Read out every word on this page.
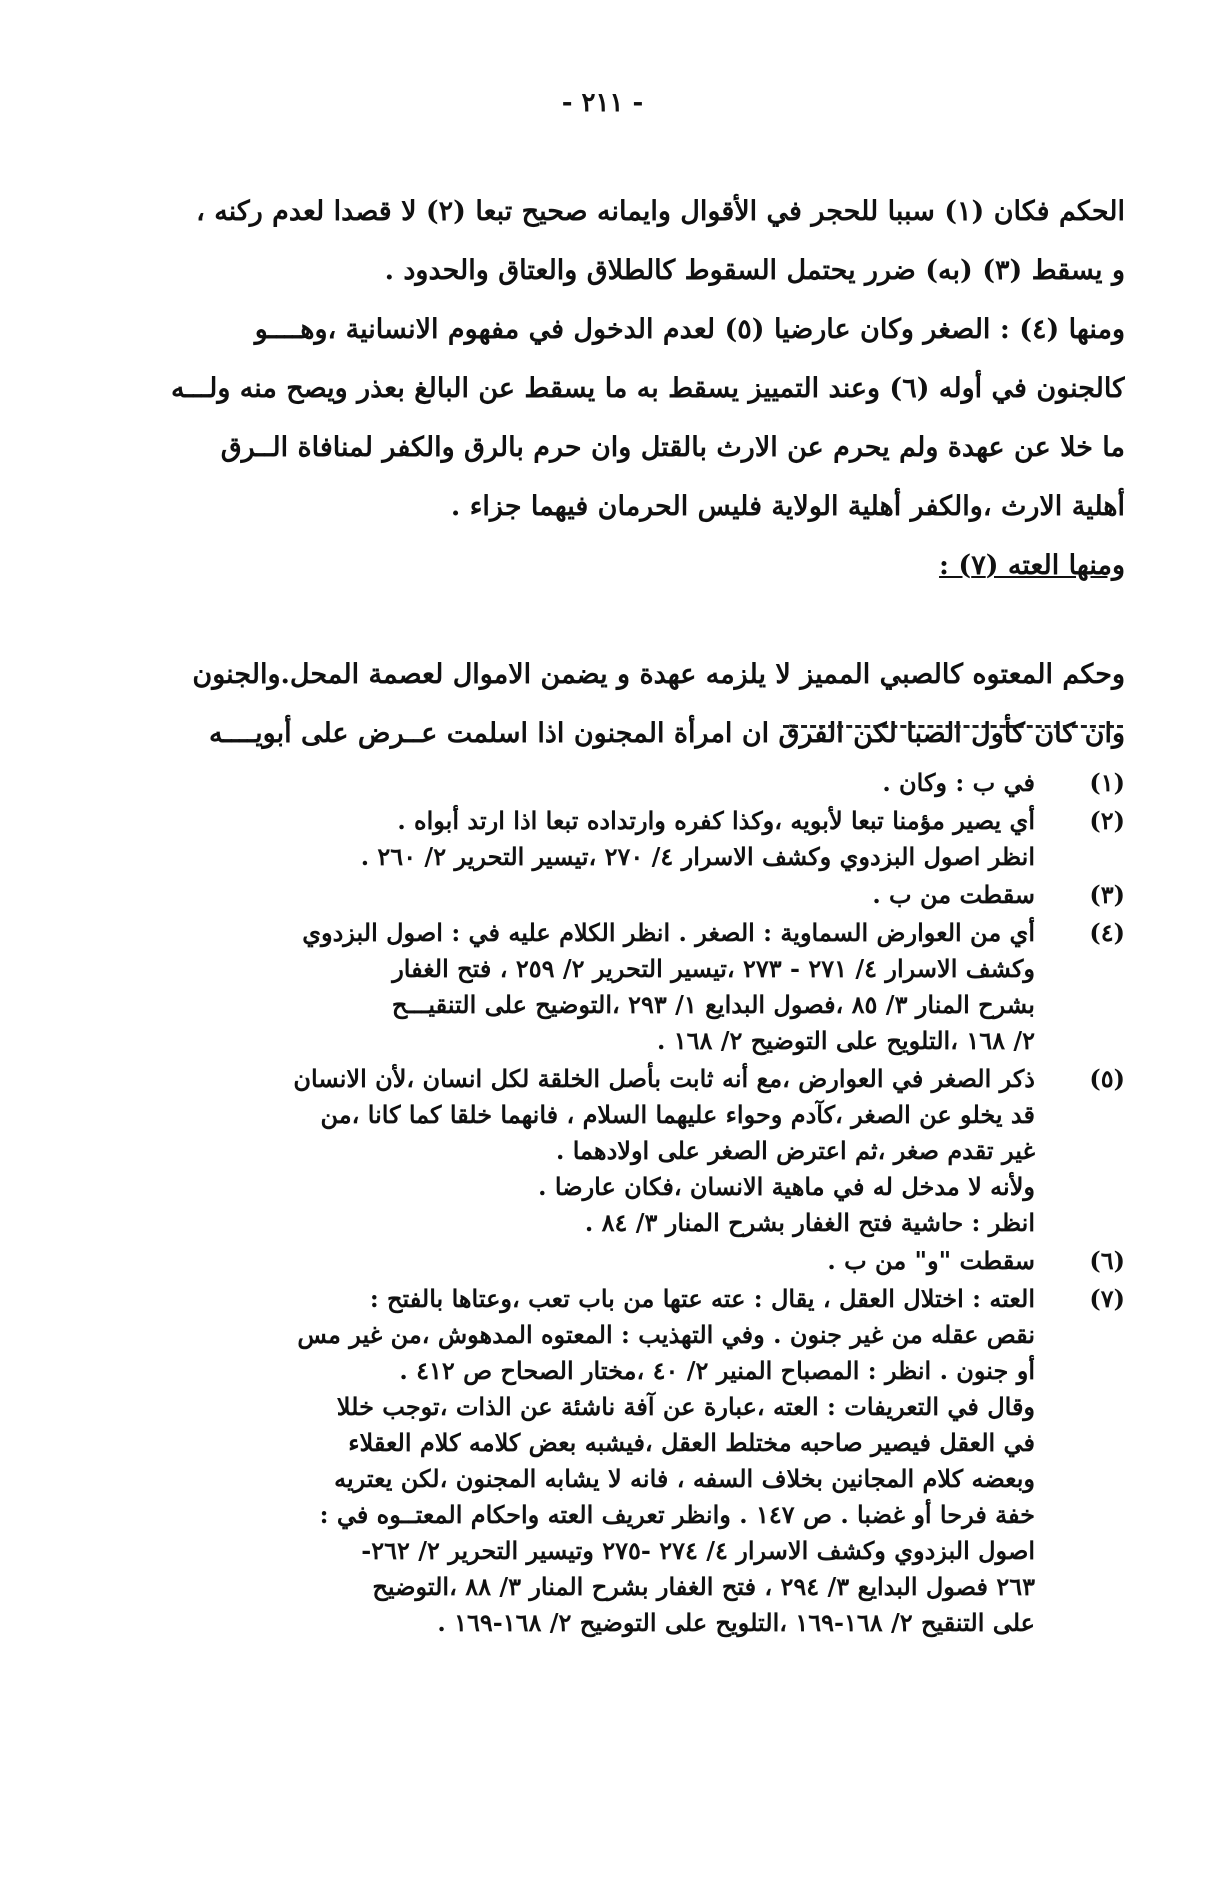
- ٢١١ -
الحكم فكان (١) سببا للحجر في الأقوال وايمانه صحيح تبعا (٢) لا قصدا لعدم ركنه ،
و يسقط (٣) (به) ضرر يحتمل السقوط كالطلاق والعتاق والحدود .
ومنها (٤) : الصغر وكان عارضيا (٥) لعدم الدخول في مفهوم الانسانية ،وهــــو
كالجنون في أوله (٦) وعند التمييز يسقط به ما يسقط عن البالغ بعذر ويصح منه ولـــه
ما خلا عن عهدة ولم يحرم عن الارث بالقتل وان حرم بالرق والكفر لمنافاة الــرق
أهلية الارث ،والكفر أهلية الولاية فليس الحرمان فيهما جزاء .
ومنها العته (٧) :
وحكم المعتوه كالصبي المميز لا يلزمه عهدة و يضمن الاموال لعصمة المحل.والجنون
وان كان كأول الصبا لكن الفرق ان امرأة المجنون اذا اسلمت عــرض على أبويــــه
(١)
في ب : وكان .
(٢)
أي يصير مؤمنا تبعا لأبويه ،وكذا كفره وارتداده تبعا اذا ارتد أبواه .
انظر اصول البزدوي وكشف الاسرار ٤/ ٢٧٠ ،تيسير التحرير ٢/ ٢٦٠ .
(٣)
سقطت من ب .
(٤)
أي من العوارض السماوية : الصغر . انظر الكلام عليه في : اصول البزدوي
وكشف الاسرار ٤/ ٢٧١ - ٢٧٣ ،تيسير التحرير ٢/ ٢٥٩ ، فتح الغفار
بشرح المنار ٣/ ٨٥ ،فصول البدايع ١/ ٢٩٣ ،التوضيح على التنقيـــح
٢/ ١٦٨ ،التلويح على التوضيح ٢/ ١٦٨ .
(٥)
ذكر الصغر في العوارض ،مع أنه ثابت بأصل الخلقة لكل انسان ،لأن الانسان
قد يخلو عن الصغر ،كآدم وحواء عليهما السلام ، فانهما خلقا كما كانا ،من
غير تقدم صغر ،ثم اعترض الصغر على اولادهما .
ولأنه لا مدخل له في ماهية الانسان ،فكان عارضا .
انظر : حاشية فتح الغفار بشرح المنار ٣/ ٨٤ .
(٦)
سقطت "و" من ب .
(٧)
العته : اختلال العقل ، يقال : عته عتها من باب تعب ،وعتاها بالفتح :
نقص عقله من غير جنون . وفي التهذيب : المعتوه المدهوش ،من غير مس
أو جنون . انظر : المصباح المنير ٢/ ٤٠ ،مختار الصحاح ص ٤١٢ .
وقال في التعريفات : العته ،عبارة عن آفة ناشئة عن الذات ،توجب خللا
في العقل فيصير صاحبه مختلط العقل ،فيشبه بعض كلامه كلام العقلاء
وبعضه كلام المجانين بخلاف السفه ، فانه لا يشابه المجنون ،لكن يعتريه
خفة فرحا أو غضبا . ص ١٤٧ . وانظر تعريف العته واحكام المعتــوه في :
اصول البزدوي وكشف الاسرار ٤/ ٢٧٤ -٢٧٥ وتيسير التحرير ٢/ ٢٦٢-
٢٦٣ فصول البدايع ٣/ ٢٩٤ ، فتح الغفار بشرح المنار ٣/ ٨٨ ،التوضيح
على التنقيح ٢/ ١٦٨-١٦٩ ،التلويح على التوضيح ٢/ ١٦٨-١٦٩ .
